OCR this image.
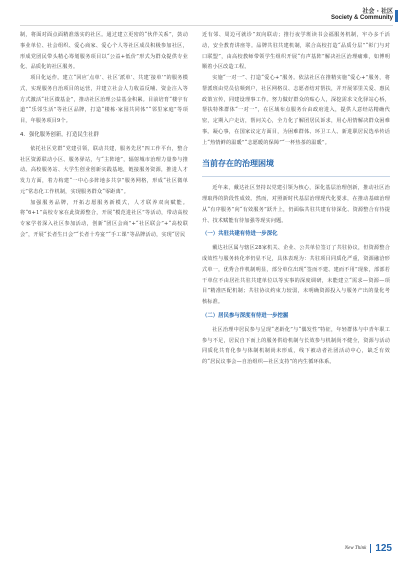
社会 · 社区
Society & Community

制，将面对面点面精准落实的社区。通过建立更密的“伙伴关系”，鼓动事业单位、社会组织、爱心商家、爱心个人等社区成员积极参加社区，形成党团民带头精心筹划服务项目以“公益+低价”形式为群众提供专业化、品质化的社区服务。

项目化运作。建立“回应‘点单’、社区‘派单’、共建‘接单’”的服务模式，实现服务自治项目的运营，并建立社会人力收益反哺、资金注入等方式激活“社区微基金”，推动社区治理公益基金积累。目前培育“楼宇有道”“乐邻生活”等社区品牌，打造“楼栋·家园共同体”“邻里家庭”等项目，年服务项目9个。

4．强化服务创新，打造民生社群

依托社区党群“党建引领，联动共建，服务先居”四工作平台，整合社区资源联动小区、服务驿站，与“主阵地”，辐射城市治理力量参与推动。高校服务站、大学生创业创新实践基地，链接服务资源，推进人才发力方面，着力构建“一中心多阵地多共享”服务网格，形成“社区微单元”常态化工作机制，实现服务群众“零距离”。

加强服务品牌，开拓志愿服务新模式，人才联养双向赋能。将“6+1”高校专家在此资源整合，开展“模范进社区”等活动，带动高校专家学者深入社区参加活动，创新“团区会商”+“社区联会”+“高校联会”，开展“长者生日会”“长者十寿宴”“手工课”等品牌活动，实现“居民

近有邻、周边可就诊”双向联动；推行夜学班读书会福服务机制，牢办多千活动，安全教育讲座等。品牌共驻共建机制，联合高校打造“品质分层”“彰门与对口联盟”，由高校教师带领学生组织开展“有声基阵”解决社区治理痛难，如博明顺着小区改造工程。

实施“一对一”、打造“爱心+”服务。依法社区在推精实施“爱心+”服务，将帮派班由党员信频到户，社区网格员、志愿者结对帮扶，并开展邻里关爱、惠民政策宣传，同建设理事工作。努力做好群众的贴心人，深挖需求文化驿站心桥，帮扶特殊群体“一对一”，在区域布点服务台由政府进入，提供人意经站精确代密，定期入户走访，帮问关心，全力化了解团居民诉求，用心用情解决群众困难事。凝心事，在国家议定方面目，为困难群体、环卫工人、新进职居民选举传话上“热情鲜的温暖”“志愿暖的保障”“一杯热茶的温暖”。

当前存在的治理困境

近年来，戴达社区坚持以党建引领为核心，深化基层治理创新，推动社区治理取得的阶段性成效。然而，对照新时代基层治理现代化要求，在推动基础治理从“有序服务”向“有效服务”跃升上，仍面临共驻共建有待深化、资源整合有待提升、技术赋能有待加强等现实问题。

（一）共驻共建有待进一步深化

戴达社区属与辖区28家机关、企业、公共单位签订了共驻协议，但资源整合成效性与服务转化率仍显不足，具体表现为：共驻项目同质化严重，资源融洽形式单一，优秀合作机制明显，部分单位出现“签而不建、建而不用”现象，部部若干单位不由居社共驻共建单位以等实事的深度调研，未能建立“需求—资源—项目”精准匹配机制；共驻协议约束力较弱，未明确资源投入与服务产出的量化考核标准。

（二）居民参与深度有待进一步挖掘

社区治理中居民参与呈现“老龄化”与“偶发性”特征，年轻群体与中青年职工参与不足，居民自下而上的服务供给机制与长效参与机制尚不健全，资源与活动同质化共育化参与体制机制尚未形成，线下被动者社团活动中心，缺乏有效的“居民议事会—自治组织—社区支持”的内生循环体系。

New Think 125
